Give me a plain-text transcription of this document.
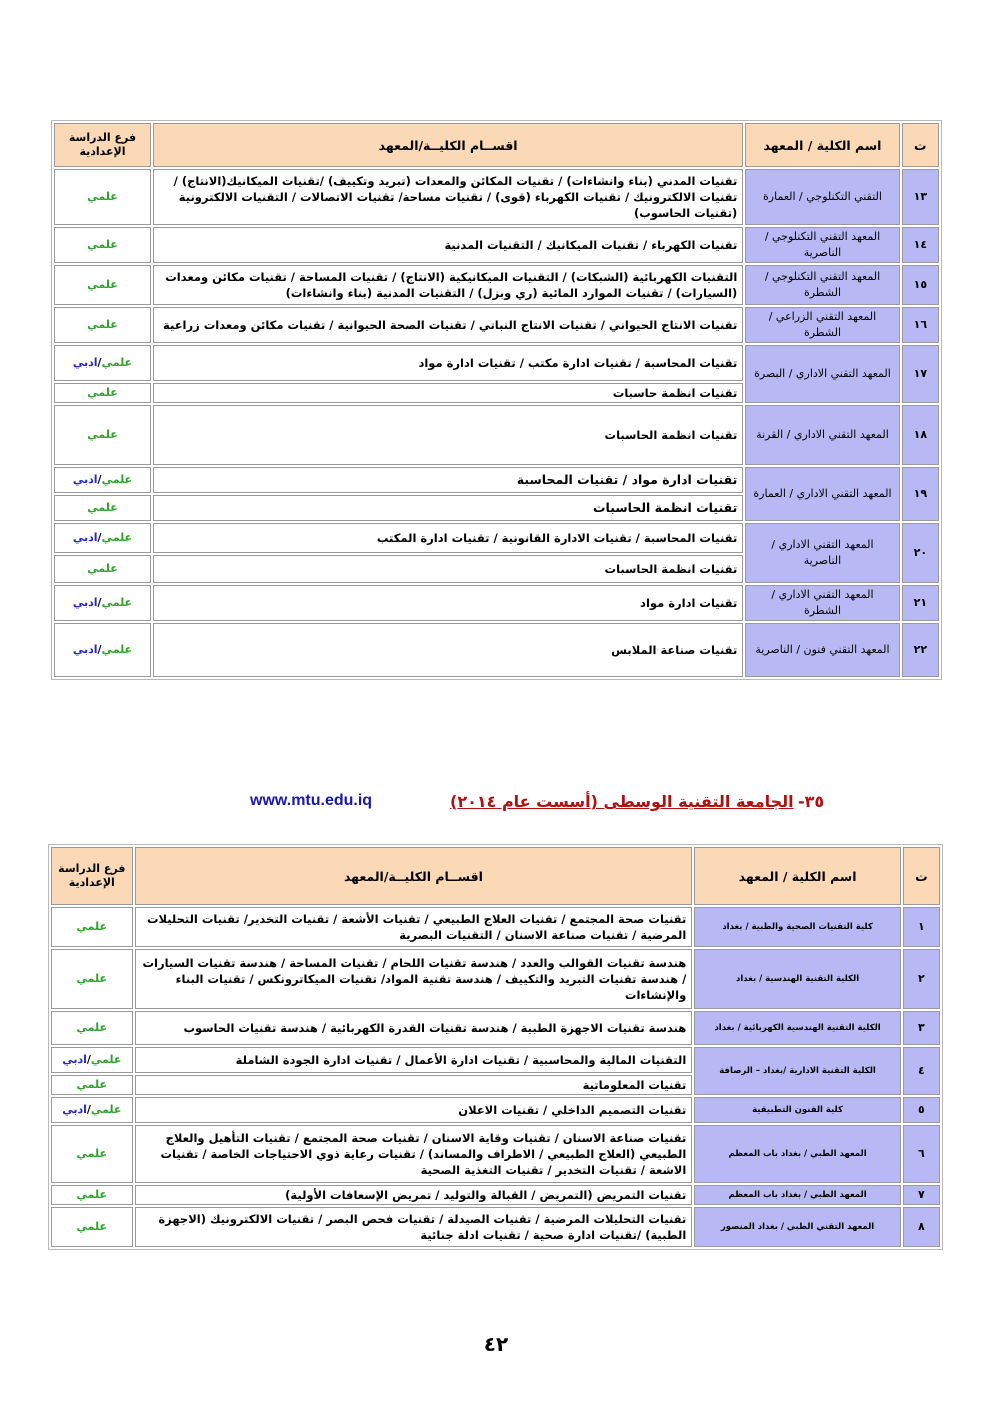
ت	اسم الكلية / المعهد	اقســام الكليــة/المعهد	فرع الدراسة الإعدادية
١٣	التقني التكنلوجي / العمارة	تقنيات المدني (بناء وانشاءات) / تقنيات المكائن والمعدات (تبريد وتكييف) /تقنيات الميكانيك(الانتاج) / تقنيات الالكترونيك / تقنيات الكهرباء (قوى) / تقنيات مساحة/ تقنيات الاتصالات / التقنيات الالكترونية (تقنيات الحاسوب)	علمي
١٤	المعهد التقني التكنلوجي / الناصرية	تقنيات الكهرباء / تقنيات الميكانيك / التقنيات المدنية	علمي
١٥	المعهد التقني التكنلوجي / الشطرة	التقنيات الكهربائية (الشبكات) / التقنيات الميكانيكية (الانتاج) / تقنيات المساحة / تقنيات مكائن ومعدات (السيارات) / تقنيات الموارد المائية (ري وبزل) / التقنيات المدنية (بناء وانشاءات)	علمي
١٦	المعهد التقني الزراعي / الشطرة	تقنيات الانتاج الحيواني / تقنيات الانتاج النباتي / تقنيات الصحة الحيوانية / تقنيات مكائن ومعدات زراعية	علمي
١٧	المعهد التقني الاداري / البصرة	تقنيات المحاسبة / تقنيات ادارة مكتب / تقنيات ادارة مواد	علمي/ادبي
		تقنيات انظمة حاسبات	علمي
١٨	المعهد التقني الاداري / القرنة	تقنيات انظمة الحاسبات	علمي
١٩	المعهد التقني الاداري / العمارة	تقنيات ادارة مواد / تقنيات المحاسبة	علمي/ادبي
		تقنيات انظمة الحاسبات	علمي
٢٠	المعهد التقني الاداري / الناصرية	تقنيات المحاسبة / تقنيات الادارة القانونية / تقنيات ادارة المكتب	علمي/ادبي
		تقنيات انظمة الحاسبات	علمي
٢١	المعهد التقني الاداري / الشطرة	تقنيات ادارة مواد	علمي/ادبي
٢٢	المعهد التقني فنون / الناصرية	تقنيات صناعة الملابس	علمي/ادبي
www.mtu.edu.iq	الجامعة التقنية الوسطى (أسست عام ٢٠١٤) ٣٥-
ت	اسم الكلية / المعهد	اقســام الكليــة/المعهد	فرع الدراسة الإعدادية
١	كلية التقنيات الصحية والطبية / بغداد	تقنيات صحة المجتمع / تقنيات العلاج الطبيعي / تقنيات الأشعة / تقنيات التخدير/ تقنيات التحليلات المرضية / تقنيات صناعة الاسنان / التقنيات البصرية	علمي
٢	الكلية التقنية الهندسية / بغداد	هندسة تقنيات القوالب والعدد / هندسة تقنيات اللحام / تقنيات المساحة / هندسة تقنيات السيارات / هندسة تقنيات التبريد والتكييف / هندسة تقنية المواد/ تقنيات الميكاترونكس / تقنيات البناء والإنشاءات	علمي
٣	الكلية التقنية الهندسية الكهربائية / بغداد	هندسة تقنيات الاجهزة الطبية / هندسة تقنيات القدرة الكهربائية / هندسة تقنيات الحاسوب	علمي
٤	الكلية التقنية الادارية /بغداد – الرصافة	التقنيات المالية والمحاسبية / تقنيات ادارة الأعمال / تقنيات ادارة الجودة الشاملة	علمي/ادبي
		تقنيات المعلوماتية	علمي
٥	كلية الفنون التطبيقية	تقنيات التصميم الداخلي / تقنيات الاعلان	علمي/ادبي
٦	المعهد الطبي / بغداد باب المعظم	تقنيات صناعة الاسنان / تقنيات وقاية الاسنان / تقنيات صحة المجتمع / تقنيات التأهيل والعلاج الطبيعي (العلاج الطبيعي / الاطراف والمساند) / تقنيات رعاية ذوي الاحتياجات الخاصة / تقنيات الاشعة / تقنيات التخدير / تقنيات التغذية الصحية	علمي
٧	المعهد الطبي / بغداد باب المعظم	تقنيات التمريض (التمريض / القبالة والتوليد / تمريض الإسعافات الأولية)	علمي
٨	المعهد التقني الطبي / بغداد المنصور	تقنيات التحليلات المرضية / تقنيات الصيدلة / تقنيات فحص البصر / تقنيات الالكترونيك (الاجهزة الطبية) /تقنيات ادارة صحية / تقنيات ادلة جنائية	علمي
٤٢
